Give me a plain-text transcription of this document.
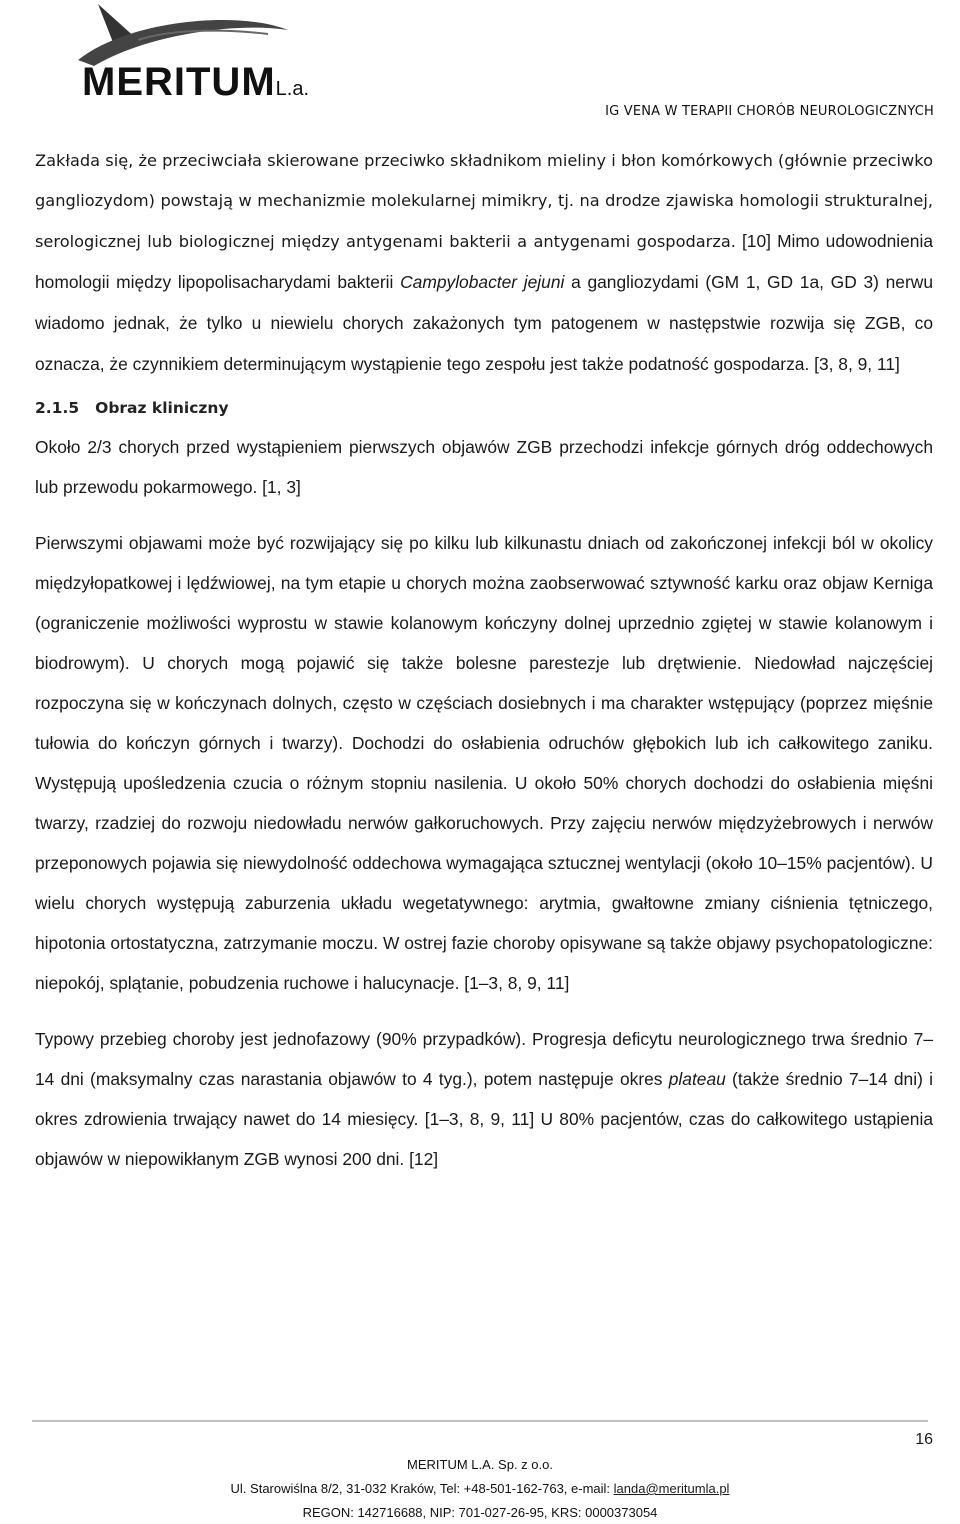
MERITUML.a.
IG VENA W TERAPII CHORÓB NEUROLOGICZNYCH

Zakłada się, że przeciwciała skierowane przeciwko składnikom mieliny i błon komórkowych (głównie przeciwko gangliozydom) powstają w mechanizmie molekularnej mimikry, tj. na drodze zjawiska homologii strukturalnej, serologicznej lub biologicznej między antygenami bakterii a antygenami gospodarza. [10] Mimo udowodnienia homologii między lipopolisacharydami bakterii Campylobacter jejuni a gangliozydami (GM 1, GD 1a, GD 3) nerwu wiadomo jednak, że tylko u niewielu chorych zakażonych tym patogenem w następstwie rozwija się ZGB, co oznacza, że czynnikiem determinującym wystąpienie tego zespołu jest także podatność gospodarza. [3, 8, 9, 11]

2.1.5 Obraz kliniczny

Około 2/3 chorych przed wystąpieniem pierwszych objawów ZGB przechodzi infekcje górnych dróg oddechowych lub przewodu pokarmowego. [1, 3]

Pierwszymi objawami może być rozwijający się po kilku lub kilkunastu dniach od zakończonej infekcji ból w okolicy międzyłopatkowej i lędźwiowej, na tym etapie u chorych można zaobserwować sztywność karku oraz objaw Kerniga (ograniczenie możliwości wyprostu w stawie kolanowym kończyny dolnej uprzednio zgiętej w stawie kolanowym i biodrowym). U chorych mogą pojawić się także bolesne parestezje lub drętwienie. Niedowład najczęściej rozpoczyna się w kończynach dolnych, często w częściach dosiebnych i ma charakter wstępujący (poprzez mięśnie tułowia do kończyn górnych i twarzy). Dochodzi do osłabienia odruchów głębokich lub ich całkowitego zaniku. Występują upośledzenia czucia o różnym stopniu nasilenia. U około 50% chorych dochodzi do osłabienia mięśni twarzy, rzadziej do rozwoju niedowładu nerwów gałkoruchowych. Przy zajęciu nerwów międzyżebrowych i nerwów przeponowych pojawia się niewydolność oddechowa wymagająca sztucznej wentylacji (około 10–15% pacjentów). U wielu chorych występują zaburzenia układu wegetatywnego: arytmia, gwałtowne zmiany ciśnienia tętniczego, hipotonia ortostatyczna, zatrzymanie moczu. W ostrej fazie choroby opisywane są także objawy psychopatologiczne: niepokój, splątanie, pobudzenia ruchowe i halucynacje. [1–3, 8, 9, 11]

Typowy przebieg choroby jest jednofazowy (90% przypadków). Progresja deficytu neurologicznego trwa średnio 7–14 dni (maksymalny czas narastania objawów to 4 tyg.), potem następuje okres plateau (także średnio 7–14 dni) i okres zdrowienia trwający nawet do 14 miesięcy. [1–3, 8, 9, 11] U 80% pacjentów, czas do całkowitego ustąpienia objawów w niepowikłanym ZGB wynosi 200 dni. [12]

16
MERITUM L.A. Sp. z o.o.
Ul. Starowiślna 8/2, 31-032 Kraków, Tel: +48-501-162-763, e-mail: landa@meritumla.pl
REGON: 142716688, NIP: 701-027-26-95, KRS: 0000373054
